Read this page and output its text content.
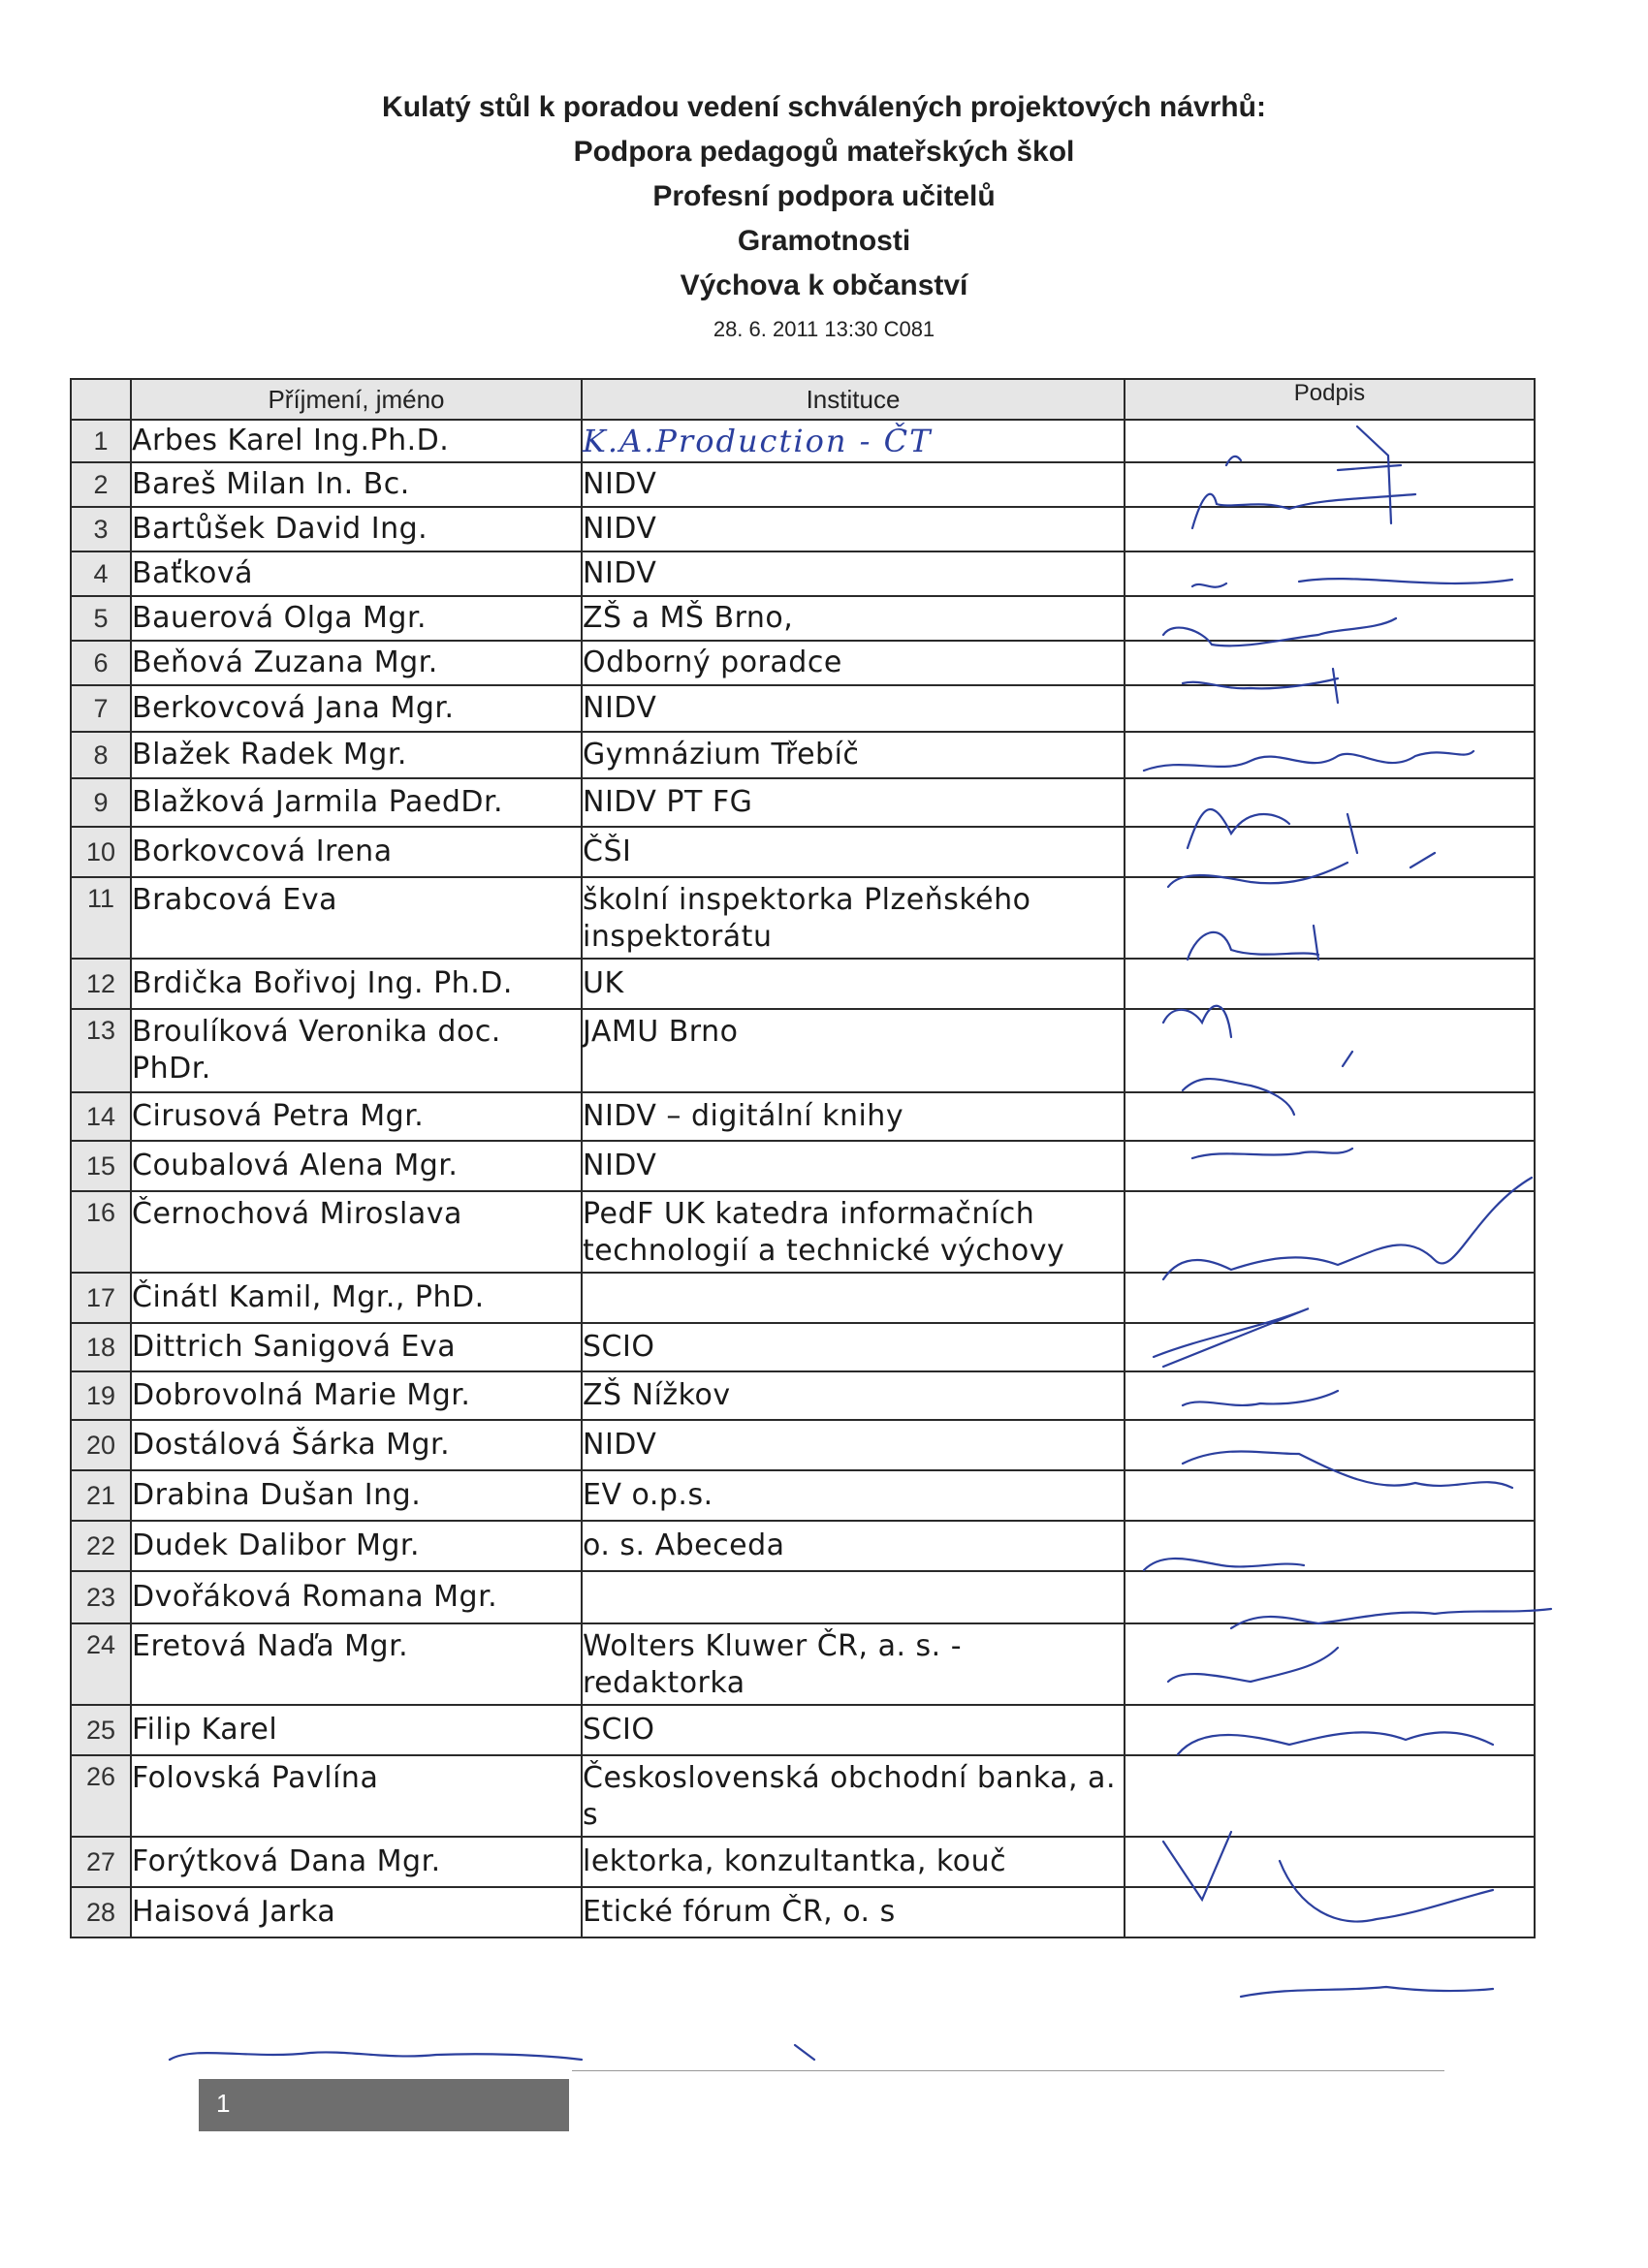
Kulatý stůl k poradou vedení schválených projektových návrhů:
Podpora pedagogů mateřských škol
Profesní podpora učitelů
Gramotnosti
Výchova k občanství
28. 6. 2011 13:30 C081
	Příjmení, jméno	Instituce	Podpis
1	Arbes Karel Ing.Ph.D.	K.A.Production - ČT	
2	Bareš Milan In. Bc.	NIDV	
3	Bartůšek David Ing.	NIDV	
4	Baťková	NIDV	
5	Bauerová Olga Mgr.	ZŠ a MŠ Brno,	
6	Beňová Zuzana Mgr.	Odborný poradce	
7	Berkovcová Jana Mgr.	NIDV	
8	Blažek Radek Mgr.	Gymnázium Třebíč	
9	Blažková Jarmila PaedDr.	NIDV PT FG	
10	Borkovcová Irena	ČŠI	
11	Brabcová Eva	školní inspektorka Plzeňského inspektorátu	
12	Brdička Bořivoj Ing. Ph.D.	UK	
13	Broulíková Veronika doc. PhDr.	JAMU Brno	
14	Cirusová Petra Mgr.	NIDV – digitální knihy	
15	Coubalová Alena Mgr.	NIDV	
16	Černochová Miroslava	PedF UK katedra informačních technologií a technické výchovy	
17	Činátl Kamil, Mgr., PhD.		
18	Dittrich Sanigová Eva	SCIO	
19	Dobrovolná Marie Mgr.	ZŠ Nížkov	
20	Dostálová Šárka Mgr.	NIDV	
21	Drabina Dušan Ing.	EV o.p.s.	
22	Dudek Dalibor Mgr.	o. s. Abeceda	
23	Dvořáková Romana Mgr.		
24	Eretová Naďa Mgr.	Wolters Kluwer ČR, a. s. - redaktorka	
25	Filip Karel	SCIO	
26	Folovská Pavlína	Československá obchodní banka, a. s	
27	Forýtková Dana Mgr.	lektorka, konzultantka, kouč	
28	Haisová Jarka	Etické fórum ČR, o. s	
1
